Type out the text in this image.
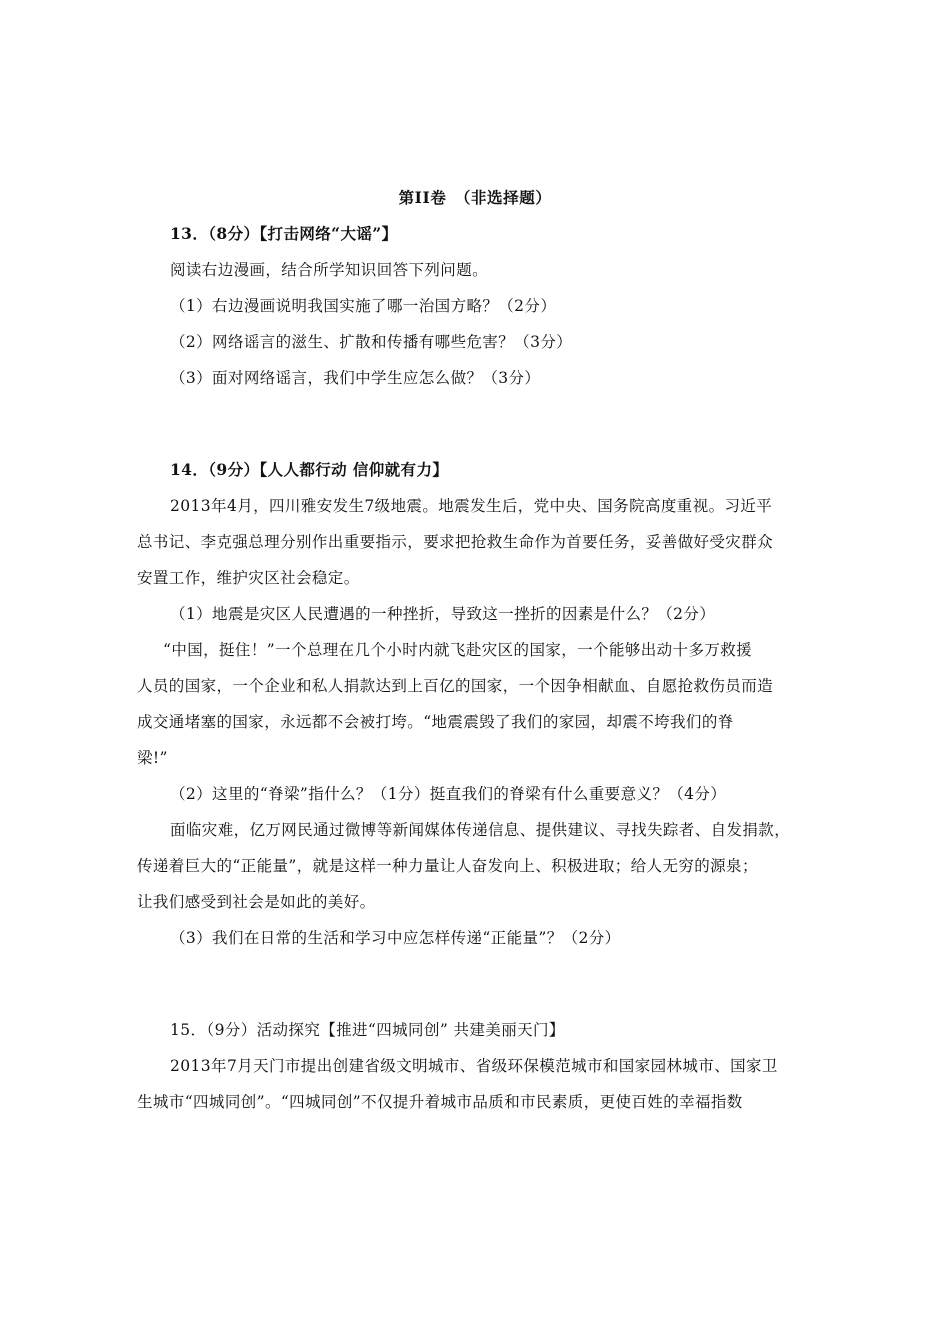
第II卷　（非选择题）
13．（8分）【打击网络“大谣”】
阅读右边漫画，结合所学知识回答下列问题。
（1）右边漫画说明我国实施了哪一治国方略？（2分）
（2）网络谣言的滋生、扩散和传播有哪些危害？（3分）
（3）面对网络谣言，我们中学生应怎么做？（3分）
14．（9分）【人人都行动 信仰就有力】
2013年4月，四川雅安发生7级地震。地震发生后，党中央、国务院高度重视。习近平
总书记、李克强总理分别作出重要指示，要求把抢救生命作为首要任务，妥善做好受灾群众
安置工作，维护灾区社会稳定。
（1）地震是灾区人民遭遇的一种挫折，导致这一挫折的因素是什么？（2分）
“中国，挺住！”一个总理在几个小时内就飞赴灾区的国家，一个能够出动十多万救援
人员的国家，一个企业和私人捐款达到上百亿的国家，一个因争相献血、自愿抢救伤员而造
成交通堵塞的国家，永远都不会被打垮。“地震震毁了我们的家园，却震不垮我们的脊
梁!”
（2）这里的“脊梁”指什么？（1分）挺直我们的脊梁有什么重要意义？（4分）
面临灾难，亿万网民通过微博等新闻媒体传递信息、提供建议、寻找失踪者、自发捐款，
传递着巨大的“正能量”，就是这样一种力量让人奋发向上、积极进取；给人无穷的源泉；
让我们感受到社会是如此的美好。
（3）我们在日常的生活和学习中应怎样传递“正能量”？（2分）
15．（9分）活动探究【推进“四城同创” 共建美丽天门】
2013年7月天门市提出创建省级文明城市、省级环保模范城市和国家园林城市、国家卫
生城市“四城同创”。“四城同创”不仅提升着城市品质和市民素质，更使百姓的幸福指数
